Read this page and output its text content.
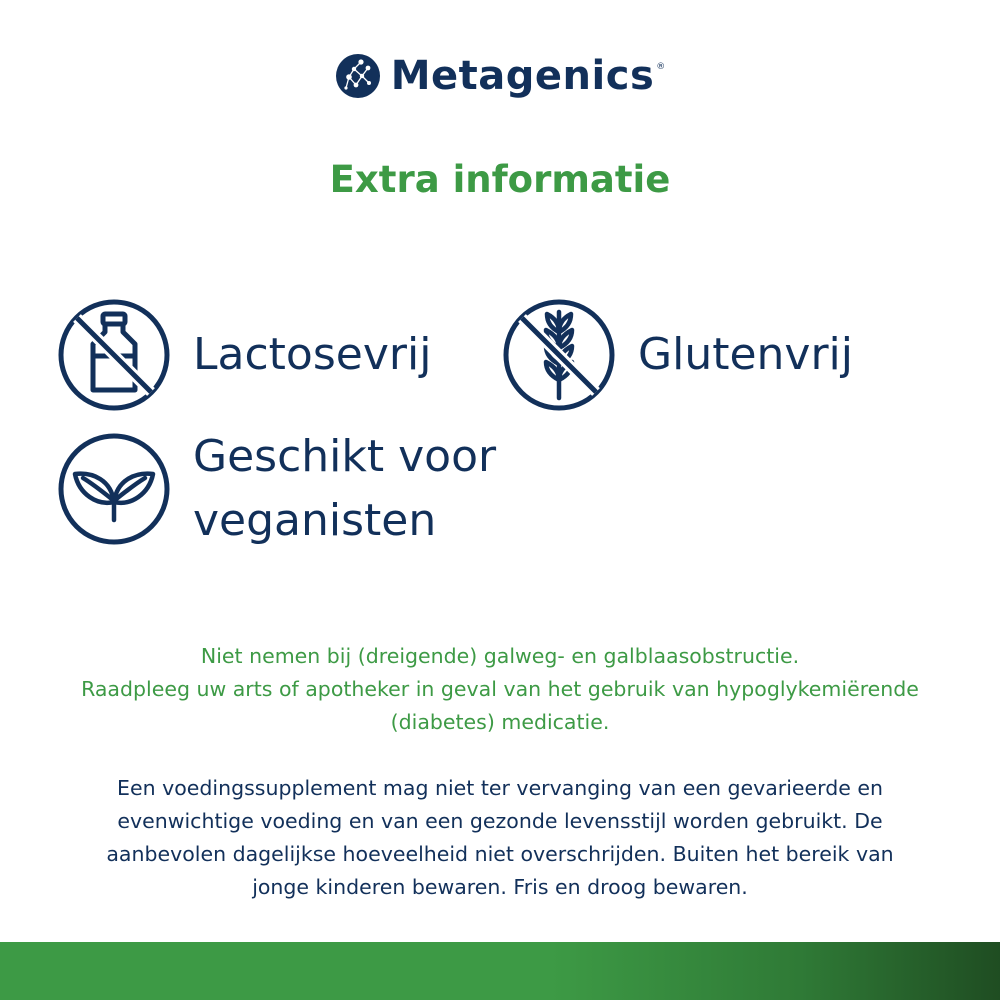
Metagenics ®
Extra informatie
Lactosevrij	Glutenvrij
Geschikt voor
veganisten
Niet nemen bij (dreigende) galweg- en galblaasobstructie.
Raadpleeg uw arts of apotheker in geval van het gebruik van hypoglykemiërende
(diabetes) medicatie.
Een voedingssupplement mag niet ter vervanging van een gevarieerde en
evenwichtige voeding en van een gezonde levensstijl worden gebruikt. De
aanbevolen dagelijkse hoeveelheid niet overschrijden. Buiten het bereik van
jonge kinderen bewaren. Fris en droog bewaren.
